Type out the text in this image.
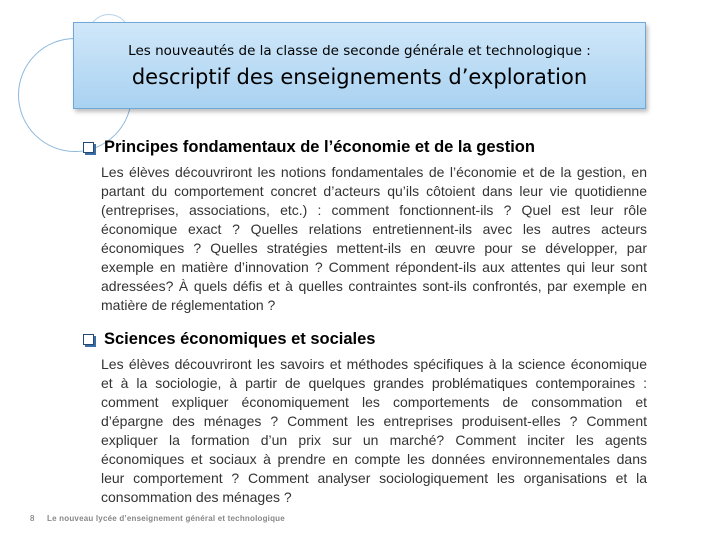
Les nouveautés de la classe de seconde générale et technologique :
descriptif des enseignements d’exploration
Principes fondamentaux de l’économie et de la gestion
Les élèves découvriront les notions fondamentales de l’économie et de la gestion, en partant du comportement concret d’acteurs qu’ils côtoient dans leur vie quotidienne (entreprises, associations, etc.) : comment fonctionnent-ils ? Quel est leur rôle économique exact ? Quelles relations entretiennent-ils avec les autres acteurs économiques ? Quelles stratégies mettent-ils en œuvre pour se développer, par exemple en matière d’innovation ? Comment répondent-ils aux attentes qui leur sont adressées? À quels défis et à quelles contraintes sont-ils confrontés, par exemple en matière de réglementation ?
Sciences économiques et sociales
Les élèves découvriront les savoirs et méthodes spécifiques à la science économique et à la sociologie, à partir de quelques grandes problématiques contemporaines : comment expliquer économiquement les comportements de consommation et d’épargne des ménages ? Comment les entreprises produisent-elles ? Comment expliquer la formation d’un prix sur un marché? Comment inciter les agents économiques et sociaux à prendre en compte les données environnementales dans leur comportement ? Comment analyser sociologiquement les organisations et la consommation des ménages ?
8 Le nouveau lycée d’enseignement général et technologique
